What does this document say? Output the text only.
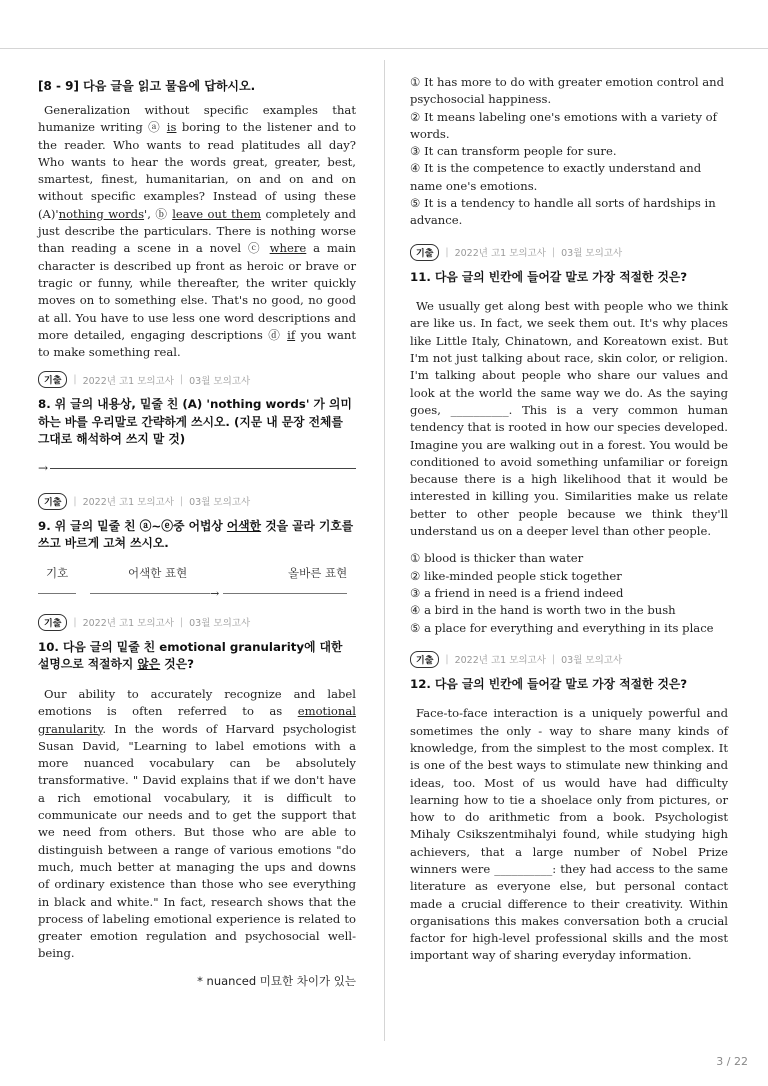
[8 - 9] 다음 글을 읽고 물음에 답하시오.

Generalization without specific examples that humanize writing ⓐ is boring to the listener and to the reader. Who wants to read platitudes all day? Who wants to hear the words great, greater, best, smartest, finest, humanitarian, on and on and on without specific examples? Instead of using these (A)'nothing words', ⓑ leave out them completely and just describe the particulars. There is nothing worse than reading a scene in a novel ⓒ where a main character is described up front as heroic or brave or tragic or funny, while thereafter, the writer quickly moves on to something else. That's no good, no good at all. You have to use less one word descriptions and more detailed, engaging descriptions ⓓ if you want to make something real.

기출	| 2022년 고1 모의고사 | 03월 모의고사
8. 위 글의 내용상, 밑줄 친 (A) 'nothing words' 가 의미하는 바를 우리말로 간략하게 쓰시오. (지문 내 문장 전체를 그대로 해석하여 쓰지 말 것)
→
기출	| 2022년 고1 모의고사 | 03월 모의고사
9. 위 글의 밑줄 친 ⓐ~ⓔ중 어법상 어색한 것을 골라 기호를 쓰고 바르게 고쳐 쓰시오.
기호	어색한 표현	올바른 표현
→
기출	| 2022년 고1 모의고사 | 03월 모의고사
10. 다음 글의 밑줄 친 emotional granularity에 대한 설명으로 적절하지 않은 것은?

Our ability to accurately recognize and label emotions is often referred to as emotional granularity. In the words of Harvard psychologist Susan David, "Learning to label emotions with a more nuanced vocabulary can be absolutely transformative. " David explains that if we don't have a rich emotional vocabulary, it is difficult to communicate our needs and to get the support that we need from others. But those who are able to distinguish between a range of various emotions "do much, much better at managing the ups and downs of ordinary existence than those who see everything in black and white." In fact, research shows that the process of labeling emotional experience is related to greater emotion regulation and psychosocial well-being.

* nuanced 미묘한 차이가 있는
① It has more to do with greater emotion control and psychosocial happiness.
② It means labeling one's emotions with a variety of words.
③ It can transform people for sure.
④ It is the competence to exactly understand and name one's emotions.
⑤ It is a tendency to handle all sorts of hardships in advance.
기출	| 2022년 고1 모의고사 | 03월 모의고사
11. 다음 글의 빈칸에 들어갈 말로 가장 적절한 것은?

We usually get along best with people who we think are like us. In fact, we seek them out. It's why places like Little Italy, Chinatown, and Koreatown exist. But I'm not just talking about race, skin color, or religion. I'm talking about people who share our values and look at the world the same way we do. As the saying goes, __________. This is a very common human tendency that is rooted in how our species developed. Imagine you are walking out in a forest. You would be conditioned to avoid something unfamiliar or foreign because there is a high likelihood that it would be interested in killing you. Similarities make us relate better to other people because we think they'll understand us on a deeper level than other people.

① blood is thicker than water
② like-minded people stick together
③ a friend in need is a friend indeed
④ a bird in the hand is worth two in the bush
⑤ a place for everything and everything in its place
기출	| 2022년 고1 모의고사 | 03월 모의고사
12. 다음 글의 빈칸에 들어갈 말로 가장 적절한 것은?

Face-to-face interaction is a uniquely powerful and sometimes the only - way to share many kinds of knowledge, from the simplest to the most complex. It is one of the best ways to stimulate new thinking and ideas, too. Most of us would have had difficulty learning how to tie a shoelace only from pictures, or how to do arithmetic from a book. Psychologist Mihaly Csikszentmihalyi found, while studying high achievers, that a large number of Nobel Prize winners were __________: they had access to the same literature as everyone else, but personal contact made a crucial difference to their creativity. Within organisations this makes conversation both a crucial factor for high-level professional skills and the most important way of sharing everyday information.

3 / 22
